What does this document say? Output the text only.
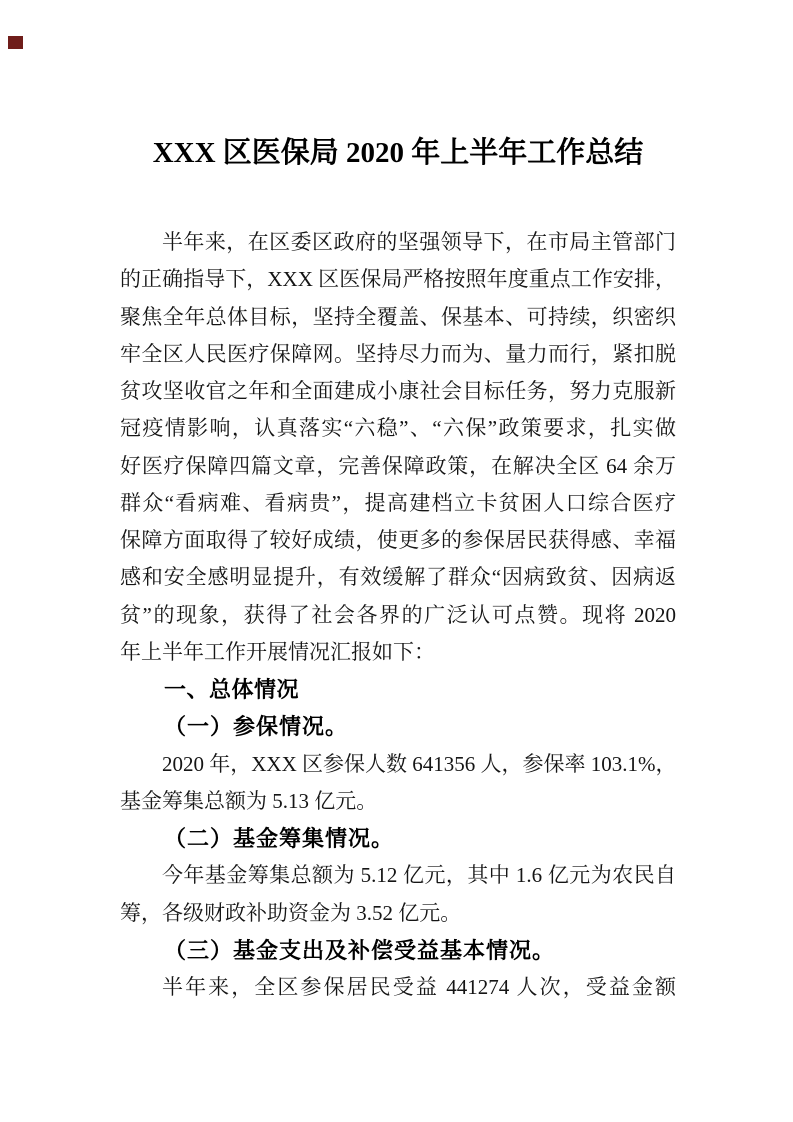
XXX 区医保局 2020 年上半年工作总结
半年来，在区委区政府的坚强领导下，在市局主管部门
的正确指导下，XXX 区医保局严格按照年度重点工作安排，
聚焦全年总体目标，坚持全覆盖、保基本、可持续，织密织
牢全区人民医疗保障网。坚持尽力而为、量力而行，紧扣脱
贫攻坚收官之年和全面建成小康社会目标任务，努力克服新
冠疫情影响，认真落实“六稳”、“六保”政策要求，扎实做
好医疗保障四篇文章，完善保障政策，在解决全区 64 余万
群众“看病难、看病贵”，提高建档立卡贫困人口综合医疗
保障方面取得了较好成绩，使更多的参保居民获得感、幸福
感和安全感明显提升，有效缓解了群众“因病致贫、因病返
贫”的现象，获得了社会各界的广泛认可点赞。现将 2020
年上半年工作开展情况汇报如下：
一、总体情况
（一）参保情况。
2020 年，XXX 区参保人数 641356 人，参保率 103.1%，
基金筹集总额为 5.13 亿元。
（二）基金筹集情况。
今年基金筹集总额为 5.12 亿元，其中 1.6 亿元为农民自
筹，各级财政补助资金为 3.52 亿元。
（三）基金支出及补偿受益基本情况。
半年来，全区参保居民受益 441274 人次，受益金额
